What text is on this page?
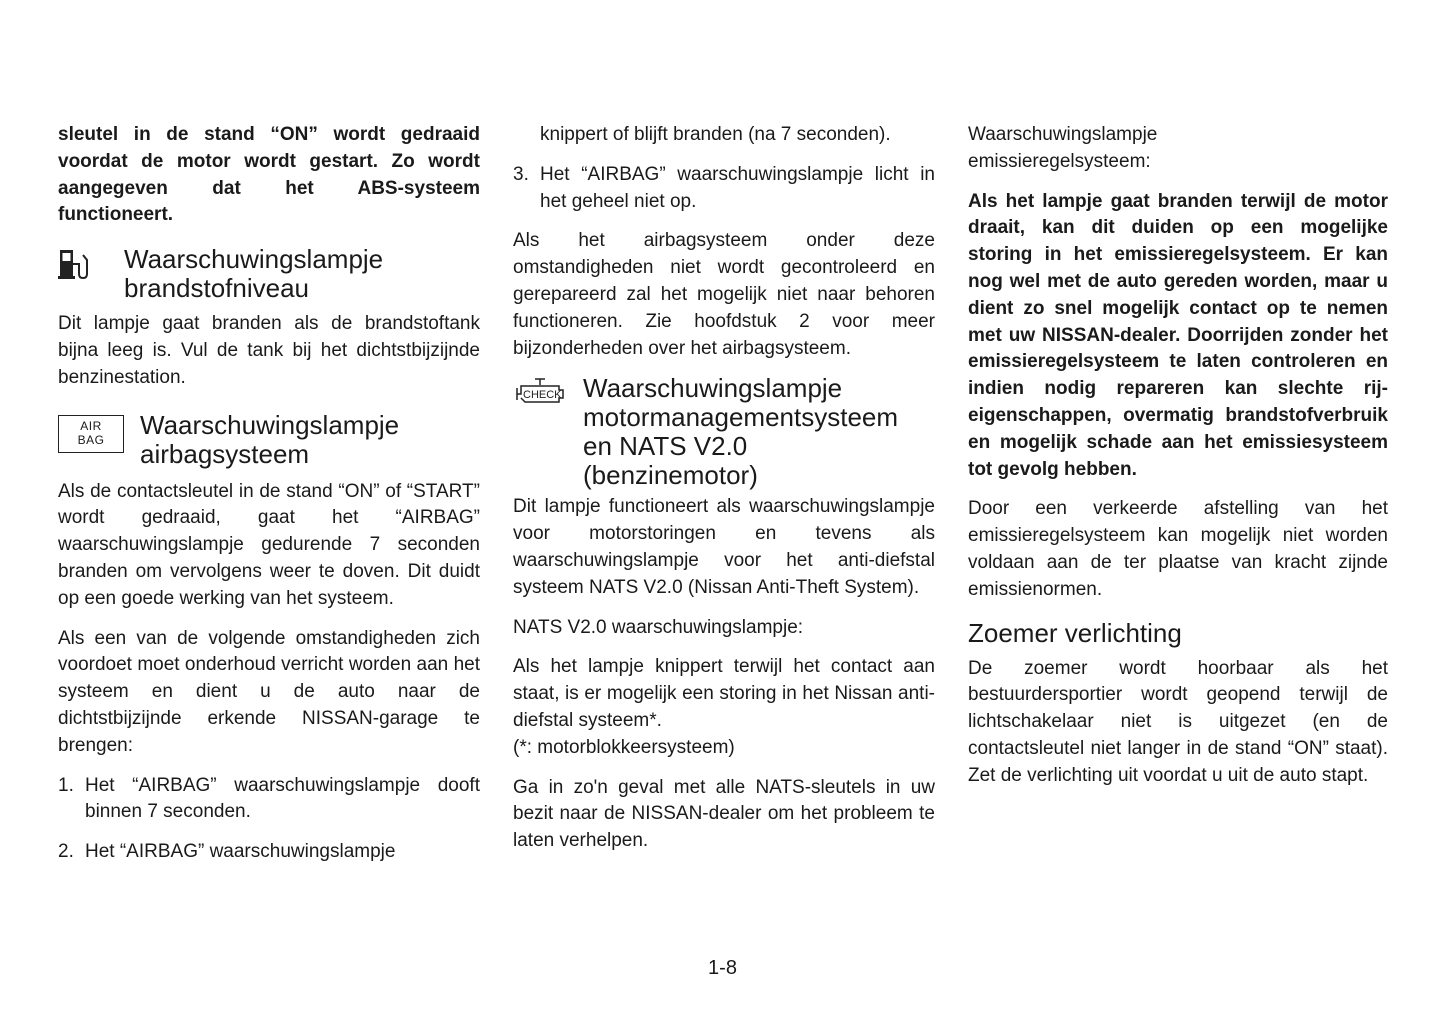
sleutel in de stand “ON” wordt gedraaid voordat de motor wordt gestart. Zo wordt aangegeven dat het ABS-systeem functioneert.

Waarschuwingslampje
brandstofniveau

Dit lampje gaat branden als de brandstoftank bijna leeg is. Vul de tank bij het dichtstbijzijnde benzinestation.

AIR
BAG	Waarschuwingslampje
airbagsysteem

Als de contactsleutel in de stand “ON” of “START” wordt gedraaid, gaat het “AIRBAG” waarschuwingslampje gedurende 7 seconden branden om vervolgens weer te doven. Dit duidt op een goede werking van het systeem.

Als een van de volgende omstandigheden zich voordoet moet onderhoud verricht worden aan het systeem en dient u de auto naar de dichtstbijzijnde erkende NISSAN-garage te brengen:

1. Het “AIRBAG” waarschuwingslampje dooft binnen 7 seconden.
2. Het “AIRBAG” waarschuwingslampje

knippert of blijft branden (na 7 seconden).

3. Het “AIRBAG” waarschuwingslampje licht in het geheel niet op.

Als het airbagsysteem onder deze omstandigheden niet wordt gecontroleerd en gerepareerd zal het mogelijk niet naar behoren functioneren. Zie hoofdstuk 2 voor meer bijzonderheden over het airbagsysteem.

CHECK Waarschuwingslampje
motormanagementsysteem
en NATS V2.0
(benzinemotor)

Dit lampje functioneert als waarschuwingslampje voor motorstoringen en tevens als waarschuwingslampje voor het anti-diefstal systeem NATS V2.0 (Nissan Anti-Theft System).

NATS V2.0 waarschuwingslampje:

Als het lampje knippert terwijl het contact aan staat, is er mogelijk een storing in het Nissan anti-diefstal systeem*.

(*: motorblokkeersysteem)

Ga in zo'n geval met alle NATS-sleutels in uw bezit naar de NISSAN-dealer om het probleem te laten verhelpen.

Waarschuwingslampje emissieregelsysteem:

Als het lampje gaat branden terwijl de motor draait, kan dit duiden op een mogelijke storing in het emissieregelsysteem. Er kan nog wel met de auto gereden worden, maar u dient zo snel mogelijk contact op te nemen met uw NISSAN-dealer. Doorrijden zonder het emissieregelsysteem te laten controleren en indien nodig repareren kan slechte rij-eigenschappen, overmatig brandstofverbruik en mogelijk schade aan het emissiesysteem tot gevolg hebben.

Door een verkeerde afstelling van het emissieregelsysteem kan mogelijk niet worden voldaan aan de ter plaatse van kracht zijnde emissienormen.

Zoemer verlichting

De zoemer wordt hoorbaar als het bestuurdersportier wordt geopend terwijl de lichtschakelaar niet is uitgezet (en de contactsleutel niet langer in de stand “ON” staat). Zet de verlichting uit voordat u uit de auto stapt.

1-8
